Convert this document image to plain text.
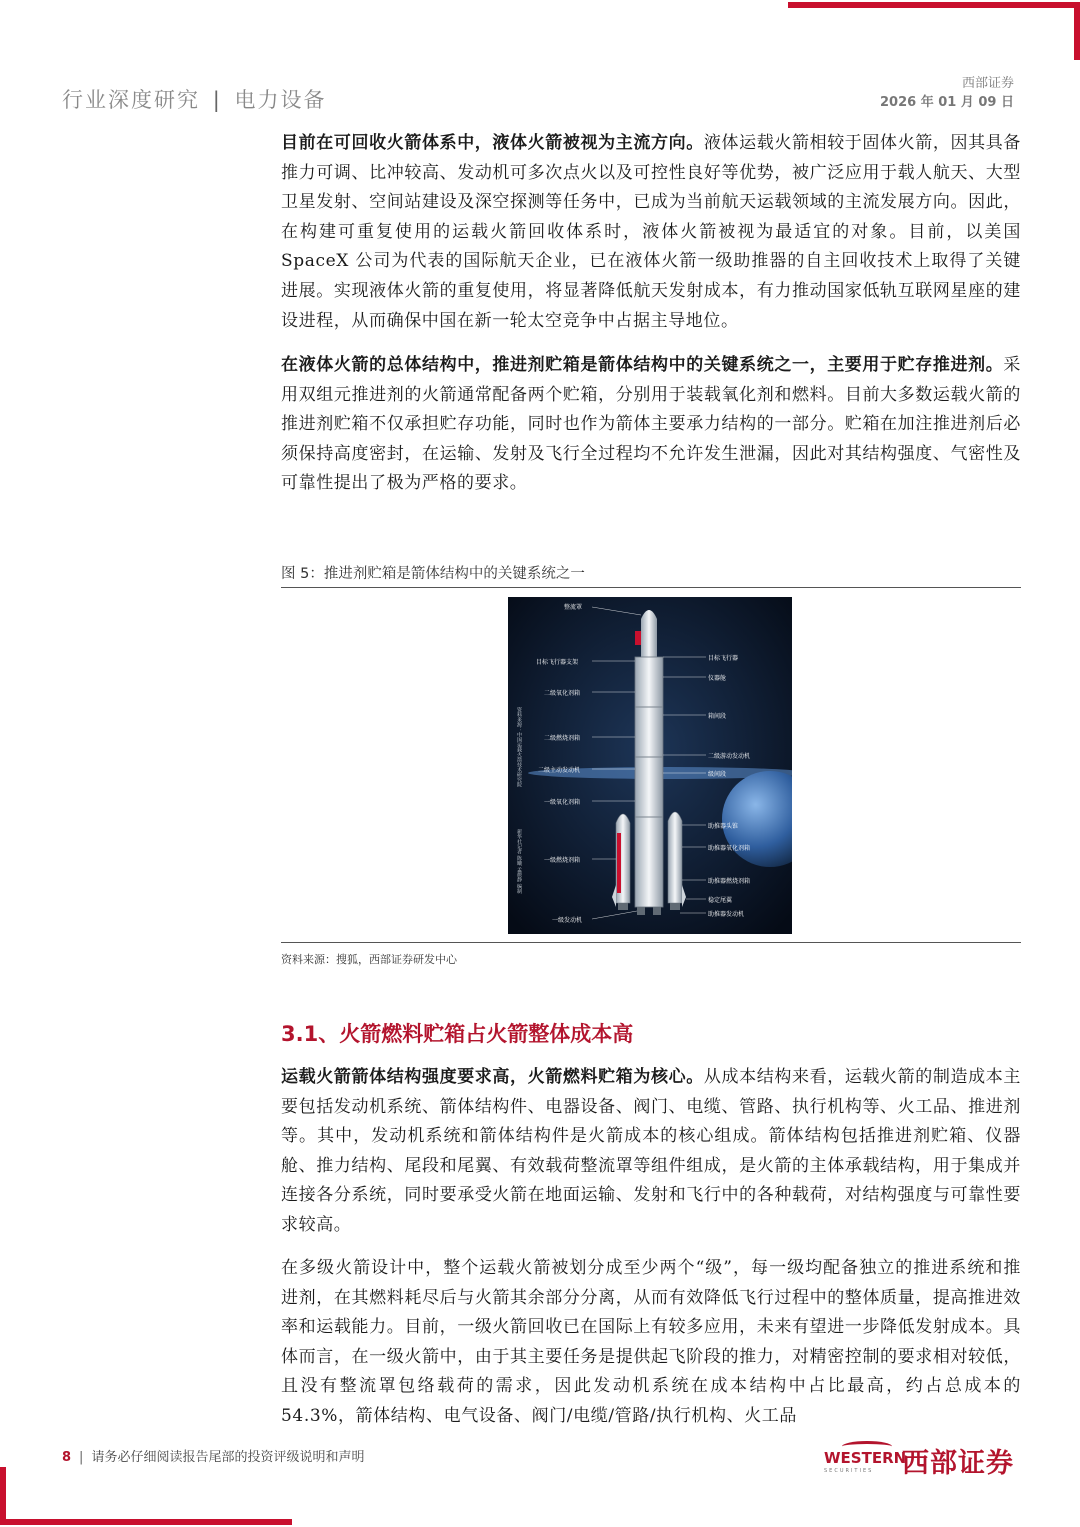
行业深度研究 | 电力设备
西部证券
2026 年 01 月 09 日
目前在可回收火箭体系中，液体火箭被视为主流方向。液体运载火箭相较于固体火箭，因其具备推力可调、比冲较高、发动机可多次点火以及可控性良好等优势，被广泛应用于载人航天、大型卫星发射、空间站建设及深空探测等任务中，已成为当前航天运载领域的主流发展方向。因此，在构建可重复使用的运载火箭回收体系时，液体火箭被视为最适宜的对象。目前，以美国 SpaceX 公司为代表的国际航天企业，已在液体火箭一级助推器的自主回收技术上取得了关键进展。实现液体火箭的重复使用，将显著降低航天发射成本，有力推动国家低轨互联网星座的建设进程，从而确保中国在新一轮太空竞争中占据主导地位。
在液体火箭的总体结构中，推进剂贮箱是箭体结构中的关键系统之一，主要用于贮存推进剂。采用双组元推进剂的火箭通常配备两个贮箱，分别用于装载氧化剂和燃料。目前大多数运载火箭的推进剂贮箱不仅承担贮存功能，同时也作为箭体主要承力结构的一部分。贮箱在加注推进剂后必须保持高度密封，在运输、发射及飞行全过程均不允许发生泄漏，因此对其结构强度、气密性及可靠性提出了极为严格的要求。
图 5：推进剂贮箱是箭体结构中的关键系统之一
整流罩
目标飞行器支架
二级氧化剂箱
二级燃烧剂箱
二级主动发动机
一级氧化剂箱
一级燃烧剂箱
一级发动机
目标飞行器
仪器舱
箱间段
二级游动发动机
级间段
助推器头锥
助推器氧化剂箱
助推器燃烧剂箱
稳定尾翼
助推器发动机
资料来源：中国运载火箭技术研究院
新华社记者 陈曦 孟颜静 编制
资料来源：搜狐，西部证券研发中心
3.1、火箭燃料贮箱占火箭整体成本高
运载火箭箭体结构强度要求高，火箭燃料贮箱为核心。从成本结构来看，运载火箭的制造成本主要包括发动机系统、箭体结构件、电器设备、阀门、电缆、管路、执行机构等、火工品、推进剂等。其中，发动机系统和箭体结构件是火箭成本的核心组成。箭体结构包括推进剂贮箱、仪器舱、推力结构、尾段和尾翼、有效载荷整流罩等组件组成，是火箭的主体承载结构，用于集成并连接各分系统，同时要承受火箭在地面运输、发射和飞行中的各种载荷，对结构强度与可靠性要求较高。
在多级火箭设计中，整个运载火箭被划分成至少两个“级”，每一级均配备独立的推进系统和推进剂，在其燃料耗尽后与火箭其余部分分离，从而有效降低飞行过程中的整体质量，提高推进效率和运载能力。目前，一级火箭回收已在国际上有较多应用，未来有望进一步降低发射成本。具体而言，在一级火箭中，由于其主要任务是提供起飞阶段的推力，对精密控制的要求相对较低，且没有整流罩包络载荷的需求，因此发动机系统在成本结构中占比最高，约占总成本的 54.3%，箭体结构、电气设备、阀门/电缆/管路/执行机构、火工品
8 | 请务必仔细阅读报告尾部的投资评级说明和声明	WESTERN
SECURITIES 西部证券
